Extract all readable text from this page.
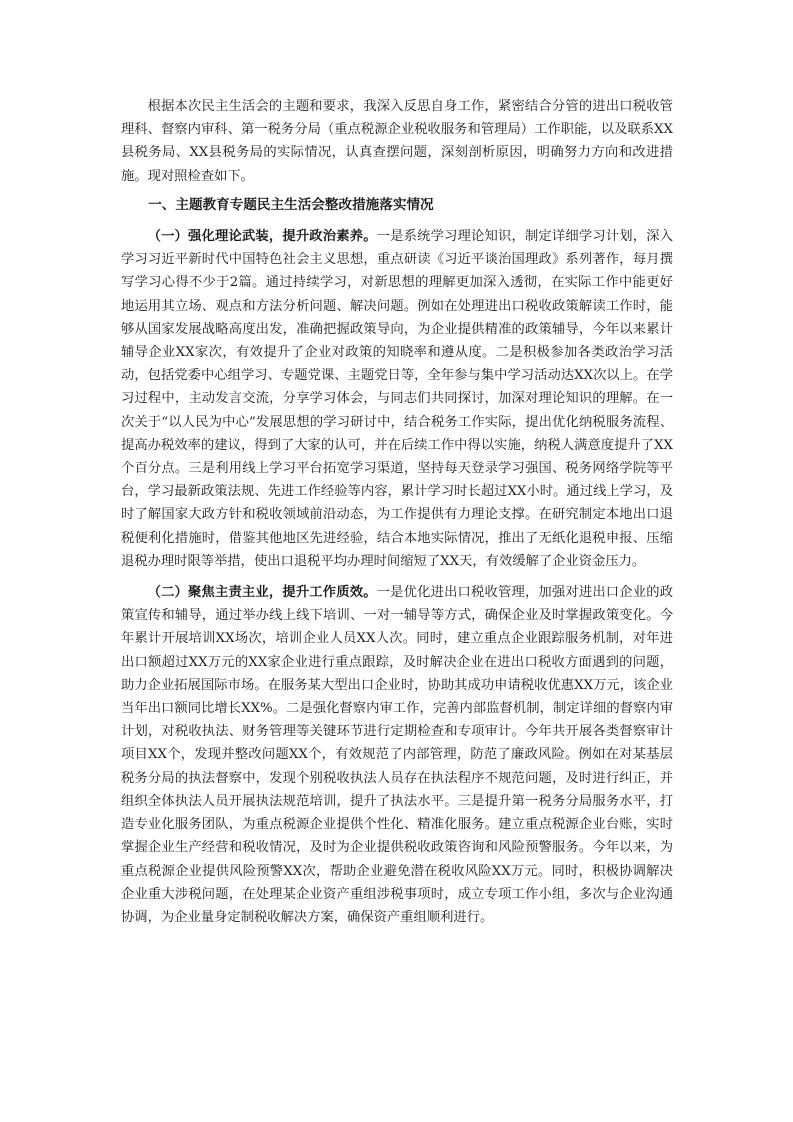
根据本次民主生活会的主题和要求，我深入反思自身工作，紧密结合分管的进出口税收管理科、督察内审科、第一税务分局（重点税源企业税收服务和管理局）工作职能，以及联系XX县税务局、XX县税务局的实际情况，认真查摆问题，深刻剖析原因，明确努力方向和改进措施。现对照检查如下。

一、主题教育专题民主生活会整改措施落实情况

（一）强化理论武装，提升政治素养。一是系统学习理论知识，制定详细学习计划，深入学习习近平新时代中国特色社会主义思想，重点研读《习近平谈治国理政》系列著作，每月撰写学习心得不少于2篇。通过持续学习，对新思想的理解更加深入透彻，在实际工作中能更好地运用其立场、观点和方法分析问题、解决问题。例如在处理进出口税收政策解读工作时，能够从国家发展战略高度出发，准确把握政策导向，为企业提供精准的政策辅导，今年以来累计辅导企业XX家次，有效提升了企业对政策的知晓率和遵从度。二是积极参加各类政治学习活动，包括党委中心组学习、专题党课、主题党日等，全年参与集中学习活动达XX次以上。在学习过程中，主动发言交流，分享学习体会，与同志们共同探讨，加深对理论知识的理解。在一次关于“以人民为中心”发展思想的学习研讨中，结合税务工作实际，提出优化纳税服务流程、提高办税效率的建议，得到了大家的认可，并在后续工作中得以实施，纳税人满意度提升了XX个百分点。三是利用线上学习平台拓宽学习渠道，坚持每天登录学习强国、税务网络学院等平台，学习最新政策法规、先进工作经验等内容，累计学习时长超过XX小时。通过线上学习，及时了解国家大政方针和税收领域前沿动态，为工作提供有力理论支撑。在研究制定本地出口退税便利化措施时，借鉴其他地区先进经验，结合本地实际情况，推出了无纸化退税申报、压缩退税办理时限等举措，使出口退税平均办理时间缩短了XX天，有效缓解了企业资金压力。

（二）聚焦主责主业，提升工作质效。一是优化进出口税收管理，加强对进出口企业的政策宣传和辅导，通过举办线上线下培训、一对一辅导等方式，确保企业及时掌握政策变化。今年累计开展培训XX场次，培训企业人员XX人次。同时，建立重点企业跟踪服务机制，对年进出口额超过XX万元的XX家企业进行重点跟踪，及时解决企业在进出口税收方面遇到的问题，助力企业拓展国际市场。在服务某大型出口企业时，协助其成功申请税收优惠XX万元，该企业当年出口额同比增长XX%。二是强化督察内审工作，完善内部监督机制，制定详细的督察内审计划，对税收执法、财务管理等关键环节进行定期检查和专项审计。今年共开展各类督察审计项目XX个，发现并整改问题XX个，有效规范了内部管理，防范了廉政风险。例如在对某基层税务分局的执法督察中，发现个别税收执法人员存在执法程序不规范问题，及时进行纠正，并组织全体执法人员开展执法规范培训，提升了执法水平。三是提升第一税务分局服务水平，打造专业化服务团队，为重点税源企业提供个性化、精准化服务。建立重点税源企业台账，实时掌握企业生产经营和税收情况，及时为企业提供税收政策咨询和风险预警服务。今年以来，为重点税源企业提供风险预警XX次，帮助企业避免潜在税收风险XX万元。同时，积极协调解决企业重大涉税问题，在处理某企业资产重组涉税事项时，成立专项工作小组，多次与企业沟通协调，为企业量身定制税收解决方案，确保资产重组顺利进行。
